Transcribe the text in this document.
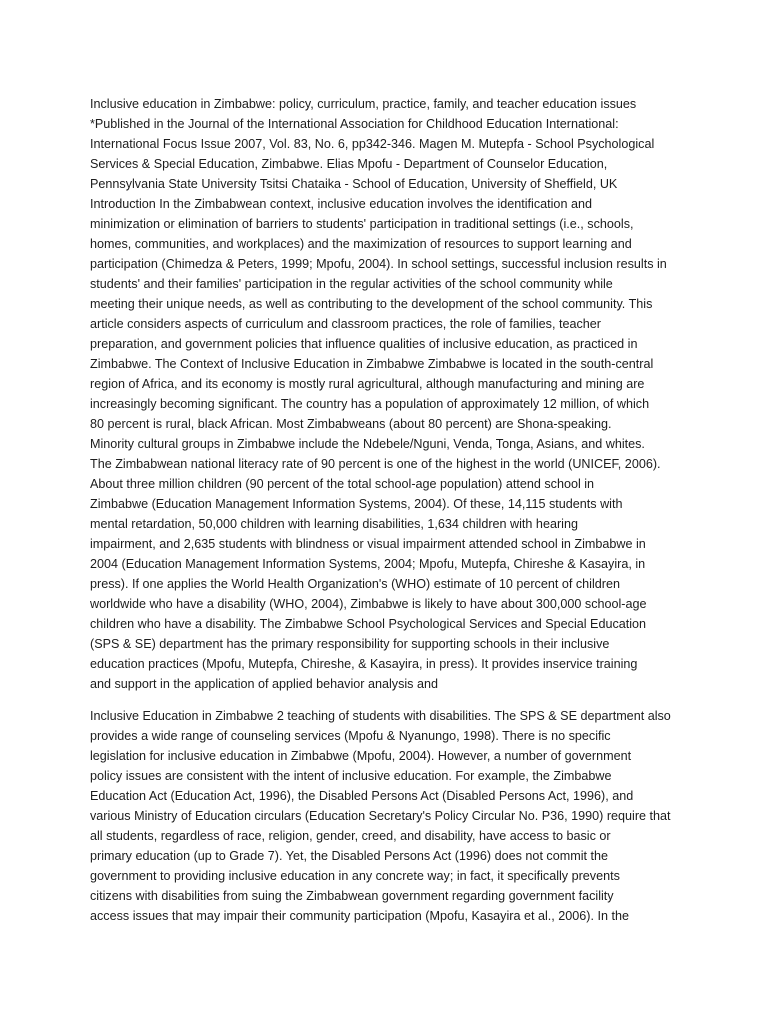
Inclusive education in Zimbabwe: policy, curriculum, practice, family, and teacher education issues
*Published in the Journal of the International Association for Childhood Education International:
International Focus Issue 2007, Vol. 83, No. 6, pp342-346. Magen M. Mutepfa - School Psychological
Services & Special Education, Zimbabwe. Elias Mpofu - Department of Counselor Education,
Pennsylvania State University Tsitsi Chataika - School of Education, University of Sheffield, UK
Introduction In the Zimbabwean context, inclusive education involves the identification and
minimization or elimination of barriers to students' participation in traditional settings (i.e., schools,
homes, communities, and workplaces) and the maximization of resources to support learning and
participation (Chimedza & Peters, 1999; Mpofu, 2004). In school settings, successful inclusion results in
students' and their families' participation in the regular activities of the school community while
meeting their unique needs, as well as contributing to the development of the school community. This
article considers aspects of curriculum and classroom practices, the role of families, teacher
preparation, and government policies that influence qualities of inclusive education, as practiced in
Zimbabwe. The Context of Inclusive Education in Zimbabwe Zimbabwe is located in the south-central
region of Africa, and its economy is mostly rural agricultural, although manufacturing and mining are
increasingly becoming significant. The country has a population of approximately 12 million, of which
80 percent is rural, black African. Most Zimbabweans (about 80 percent) are Shona-speaking.
Minority cultural groups in Zimbabwe include the Ndebele/Nguni, Venda, Tonga, Asians, and whites.
The Zimbabwean national literacy rate of 90 percent is one of the highest in the world (UNICEF, 2006).
About three million children (90 percent of the total school-age population) attend school in
Zimbabwe (Education Management Information Systems, 2004). Of these, 14,115 students with
mental retardation, 50,000 children with learning disabilities, 1,634 children with hearing
impairment, and 2,635 students with blindness or visual impairment attended school in Zimbabwe in
2004 (Education Management Information Systems, 2004; Mpofu, Mutepfa, Chireshe & Kasayira, in
press). If one applies the World Health Organization's (WHO) estimate of 10 percent of children
worldwide who have a disability (WHO, 2004), Zimbabwe is likely to have about 300,000 school-age
children who have a disability. The Zimbabwe School Psychological Services and Special Education
(SPS & SE) department has the primary responsibility for supporting schools in their inclusive
education practices (Mpofu, Mutepfa, Chireshe, & Kasayira, in press). It provides inservice training
and support in the application of applied behavior analysis and
Inclusive Education in Zimbabwe 2 teaching of students with disabilities. The SPS & SE department also
provides a wide range of counseling services (Mpofu & Nyanungo, 1998). There is no specific
legislation for inclusive education in Zimbabwe (Mpofu, 2004). However, a number of government
policy issues are consistent with the intent of inclusive education. For example, the Zimbabwe
Education Act (Education Act, 1996), the Disabled Persons Act (Disabled Persons Act, 1996), and
various Ministry of Education circulars (Education Secretary's Policy Circular No. P36, 1990) require that
all students, regardless of race, religion, gender, creed, and disability, have access to basic or
primary education (up to Grade 7). Yet, the Disabled Persons Act (1996) does not commit the
government to providing inclusive education in any concrete way; in fact, it specifically prevents
citizens with disabilities from suing the Zimbabwean government regarding government facility
access issues that may impair their community participation (Mpofu, Kasayira et al., 2006). In the
